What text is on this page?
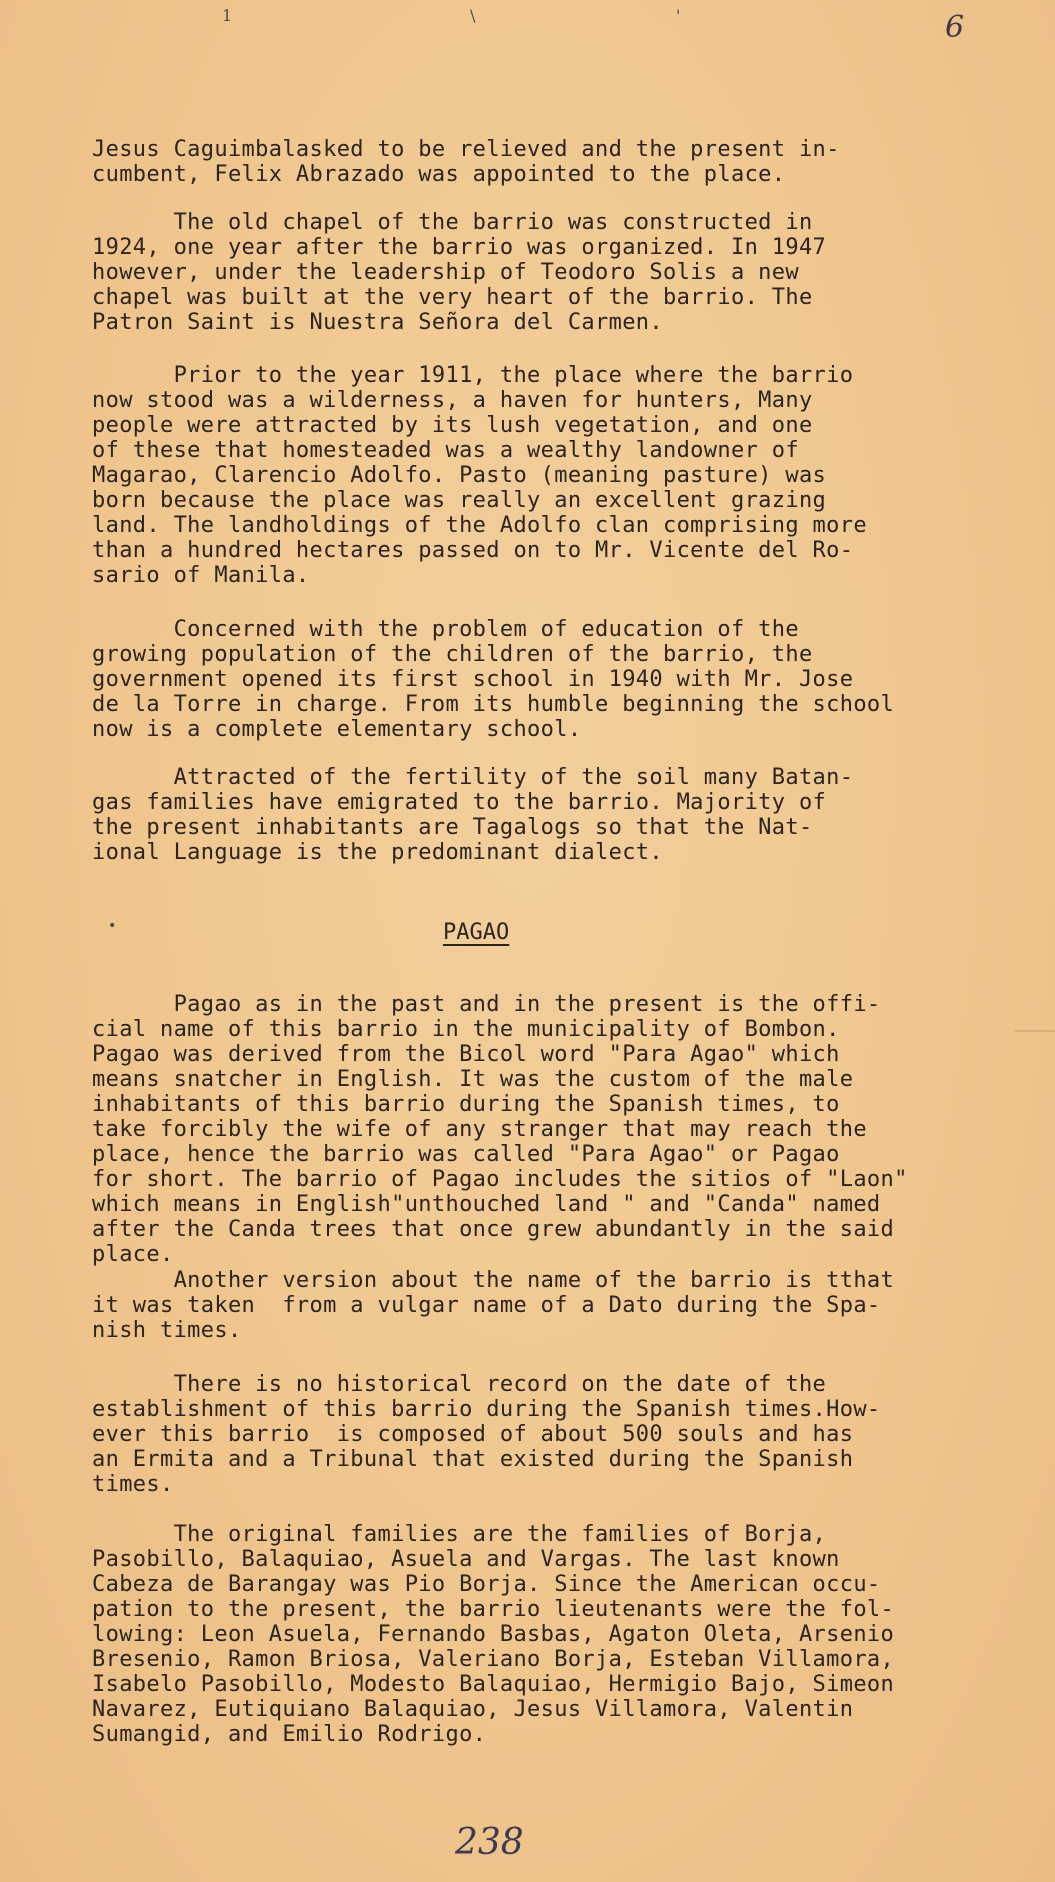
1	\	'	6

Jesus Caguimbalasked to be relieved and the present in-
cumbent, Felix Abrazado was appointed to the place.

The old chapel of the barrio was constructed in
1924, one year after the barrio was organized. In 1947
however, under the leadership of Teodoro Solis a new
chapel was built at the very heart of the barrio. The
Patron Saint is Nuestra Señora del Carmen.

Prior to the year 1911, the place where the barrio
now stood was a wilderness, a haven for hunters, Many
people were attracted by its lush vegetation, and one
of these that homesteaded was a wealthy landowner of
Magarao, Clarencio Adolfo. Pasto (meaning pasture) was
born because the place was really an excellent grazing
land. The landholdings of the Adolfo clan comprising more
than a hundred hectares passed on to Mr. Vicente del Ro-
sario of Manila.

Concerned with the problem of education of the
growing population of the children of the barrio, the
government opened its first school in 1940 with Mr. Jose
de la Torre in charge. From its humble beginning the school
now is a complete elementary school.

Attracted of the fertility of the soil many Batan-
gas families have emigrated to the barrio. Majority of
the present inhabitants are Tagalogs so that the Nat-
ional Language is the predominant dialect.

•	PAGAO

Pagao as in the past and in the present is the offi-
cial name of this barrio in the municipality of Bombon.
Pagao was derived from the Bicol word "Para Agao" which
means snatcher in English. It was the custom of the male
inhabitants of this barrio during the Spanish times, to
take forcibly the wife of any stranger that may reach the
place, hence the barrio was called "Para Agao" or Pagao
for short. The barrio of Pagao includes the sitios of "Laon"
which means in English"unthouched land " and "Canda" named
after the Canda trees that once grew abundantly in the said
place.

Another version about the name of the barrio is tthat
it was taken  from a vulgar name of a Dato during the Spa-
nish times.

There is no historical record on the date of the
establishment of this barrio during the Spanish times.How-
ever this barrio  is composed of about 500 souls and has
an Ermita and a Tribunal that existed during the Spanish
times.

The original families are the families of Borja,
Pasobillo, Balaquiao, Asuela and Vargas. The last known
Cabeza de Barangay was Pio Borja. Since the American occu-
pation to the present, the barrio lieutenants were the fol-
lowing: Leon Asuela, Fernando Basbas, Agaton Oleta, Arsenio
Bresenio, Ramon Briosa, Valeriano Borja, Esteban Villamora,
Isabelo Pasobillo, Modesto Balaquiao, Hermigio Bajo, Simeon
Navarez, Eutiquiano Balaquiao, Jesus Villamora, Valentin
Sumangid, and Emilio Rodrigo.

238
